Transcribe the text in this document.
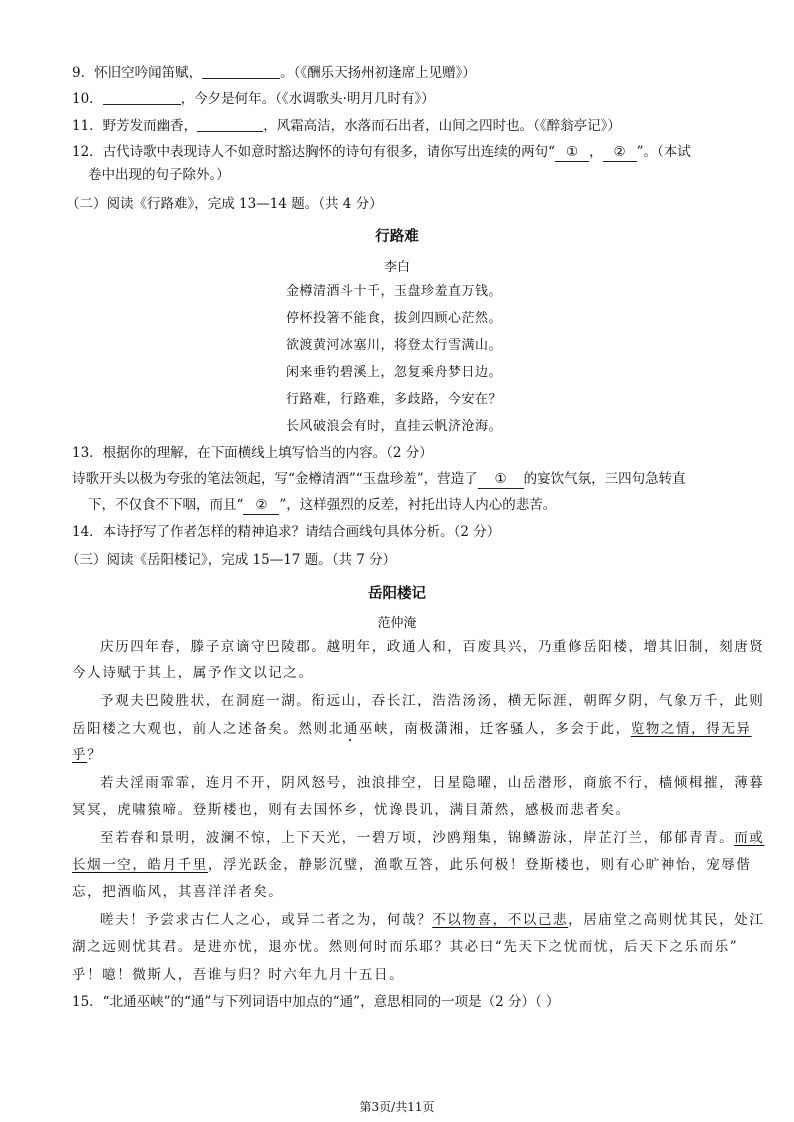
9．怀旧空吟闻笛赋，	。（《酬乐天扬州初逢席上见赠》）
10．	，今夕是何年。（《水调歌头·明月几时有》）
11．野芳发而幽香，	，风霜高洁，水落而石出者，山间之四时也。（《醉翁亭记》）
12．古代诗歌中表现诗人不如意时豁达胸怀的诗句有很多，请你写出连续的两句“ ① ， ② ”。（本试
卷中出现的句子除外。）
（二）阅读《行路难》，完成 13—14 题。（共 4 分）
行路难
李白
金樽清酒斗十千，玉盘珍羞直万钱。
停杯投箸不能食，拔剑四顾心茫然。
欲渡黄河冰塞川，将登太行雪满山。
闲来垂钓碧溪上，忽复乘舟梦日边。
行路难，行路难，多歧路，今安在？
长风破浪会有时，直挂云帆济沧海。
13．根据你的理解，在下面横线上填写恰当的内容。（2 分）
诗歌开头以极为夸张的笔法领起，写“金樽清酒”“玉盘珍羞”，营造了 ① 的宴饮气氛，三四句急转直
下，不仅食不下咽，而且“ ② ”，这样强烈的反差，衬托出诗人内心的悲苦。
14．本诗抒写了作者怎样的精神追求？请结合画线句具体分析。（2 分）
（三）阅读《岳阳楼记》，完成 15—17 题。（共 7 分）
岳阳楼记
范仲淹
庆历四年春，滕子京谪守巴陵郡。越明年，政通人和，百废具兴，乃重修岳阳楼，增其旧制，刻唐贤
今人诗赋于其上，属予作文以记之。
予观夫巴陵胜状，在洞庭一湖。衔远山，吞长江，浩浩汤汤，横无际涯，朝晖夕阴，气象万千，此则
岳阳楼之大观也，前人之述备矣。然则北通巫峡，南极潇湘，迁客骚人，多会于此，览物之情，得无异
乎？
若夫淫雨霏霏，连月不开，阴风怒号，浊浪排空，日星隐曜，山岳潜形，商旅不行，樯倾楫摧，薄暮
冥冥，虎啸猿啼。登斯楼也，则有去国怀乡，忧谗畏讥，满目萧然，感极而悲者矣。
至若春和景明，波澜不惊，上下天光，一碧万顷，沙鸥翔集，锦鳞游泳，岸芷汀兰，郁郁青青。而或
长烟一空，皓月千里，浮光跃金，静影沉璧，渔歌互答，此乐何极！登斯楼也，则有心旷神怡，宠辱偕
忘，把酒临风，其喜洋洋者矣。
嗟夫！予尝求古仁人之心，或异二者之为，何哉？不以物喜，不以己悲，居庙堂之高则忧其民，处江
湖之远则忧其君。是进亦忧，退亦忧。然则何时而乐耶？其必曰“先天下之忧而忧，后天下之乐而乐”
乎！噫！微斯人，吾谁与归？时六年九月十五日。
15．“北通巫峡”的“通”与下列词语中加点的“通”，意思相同的一项是（2 分）（ ）
第3页/共11页
